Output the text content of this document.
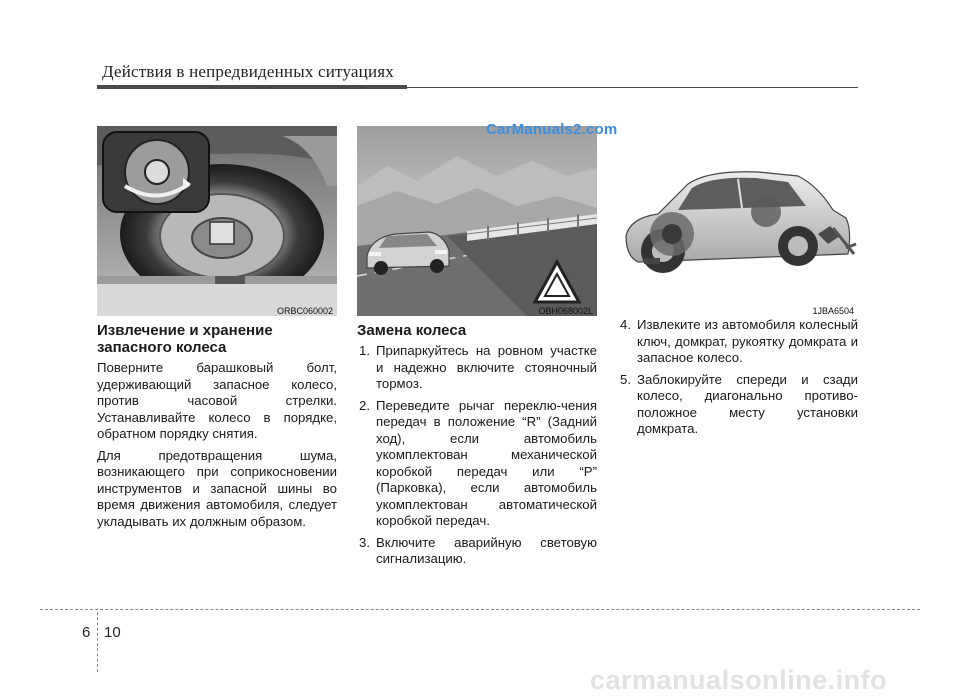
Действия в непредвиденных ситуациях
ORBC060002	OBH068002L	1JBA6504
CarManuals2.com
Извлечение и хранение запасного колеса

Поверните барашковый болт, удерживающий запасное колесо, против часовой стрелки. Устанавливайте колесо в порядке, обратном порядку снятия.

Для предотвращения шума, возникающего при соприкосновении инструментов и запасной шины во время движения автомобиля, следует укладывать их должным образом.

Замена колеса
1. Припаркуйтесь на ровном участке и надежно включите стояночный тормоз.
2. Переведите рычаг переклю-чения передач в положение “R” (Задний ход), если автомобиль укомплектован механической коробкой передач или “P” (Парковка), если автомобиль укомплектован автоматической коробкой передач.
3. Включите аварийную световую сигнализацию.
4. Извлеките из автомобиля колесный ключ, домкрат, рукоятку домкрата и запасное колесо.
5. Заблокируйте спереди и сзади колесо, диагонально противо-положное месту установки домкрата.
6 10
carmanualsonline.info
